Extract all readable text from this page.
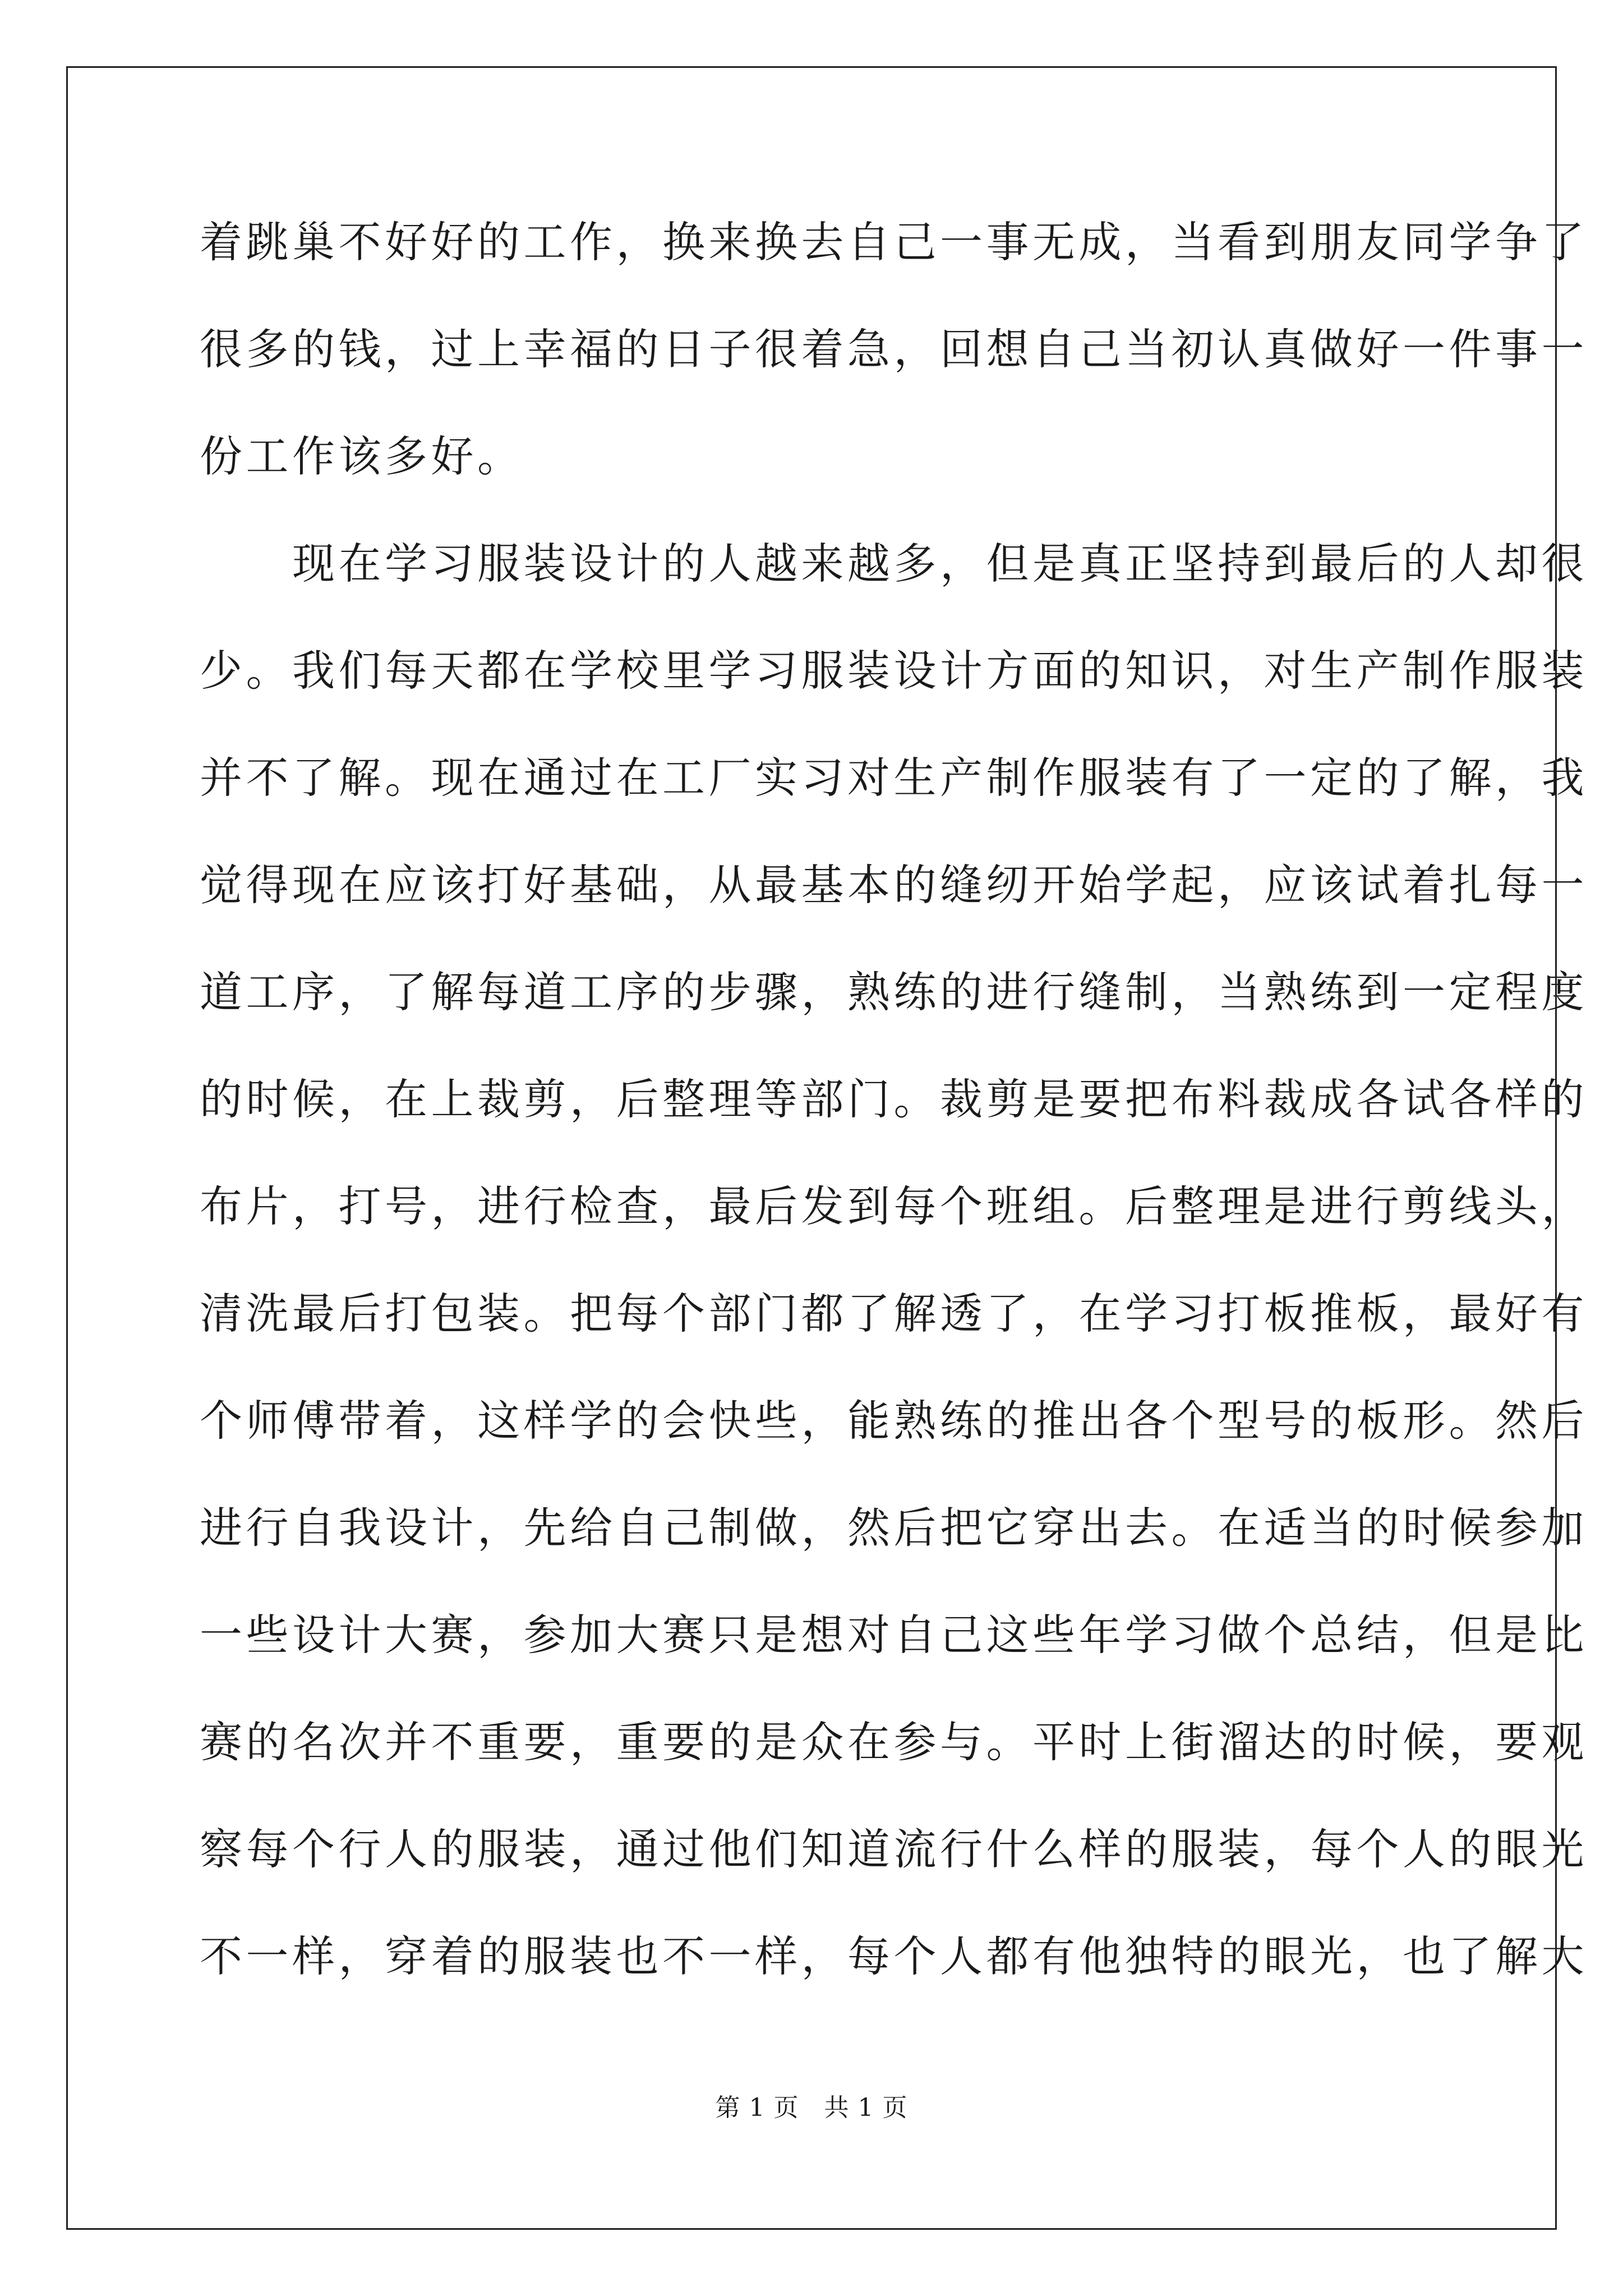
着跳巢不好好的工作，换来换去自己一事无成，当看到朋友同学争了
很多的钱，过上幸福的日子很着急，回想自己当初认真做好一件事一
份工作该多好。
　　现在学习服装设计的人越来越多，但是真正坚持到最后的人却很
少。我们每天都在学校里学习服装设计方面的知识，对生产制作服装
并不了解。现在通过在工厂实习对生产制作服装有了一定的了解，我
觉得现在应该打好基础，从最基本的缝纫开始学起，应该试着扎每一
道工序，了解每道工序的步骤，熟练的进行缝制，当熟练到一定程度
的时候，在上裁剪，后整理等部门。裁剪是要把布料裁成各试各样的
布片，打号，进行检查，最后发到每个班组。后整理是进行剪线头，
清洗最后打包装。把每个部门都了解透了，在学习打板推板，最好有
个师傅带着，这样学的会快些，能熟练的推出各个型号的板形。然后
进行自我设计，先给自己制做，然后把它穿出去。在适当的时候参加
一些设计大赛，参加大赛只是想对自己这些年学习做个总结，但是比
赛的名次并不重要，重要的是众在参与。平时上街溜达的时候，要观
察每个行人的服装，通过他们知道流行什么样的服装，每个人的眼光
不一样，穿着的服装也不一样，每个人都有他独特的眼光，也了解大
第 1 页　共 1 页
